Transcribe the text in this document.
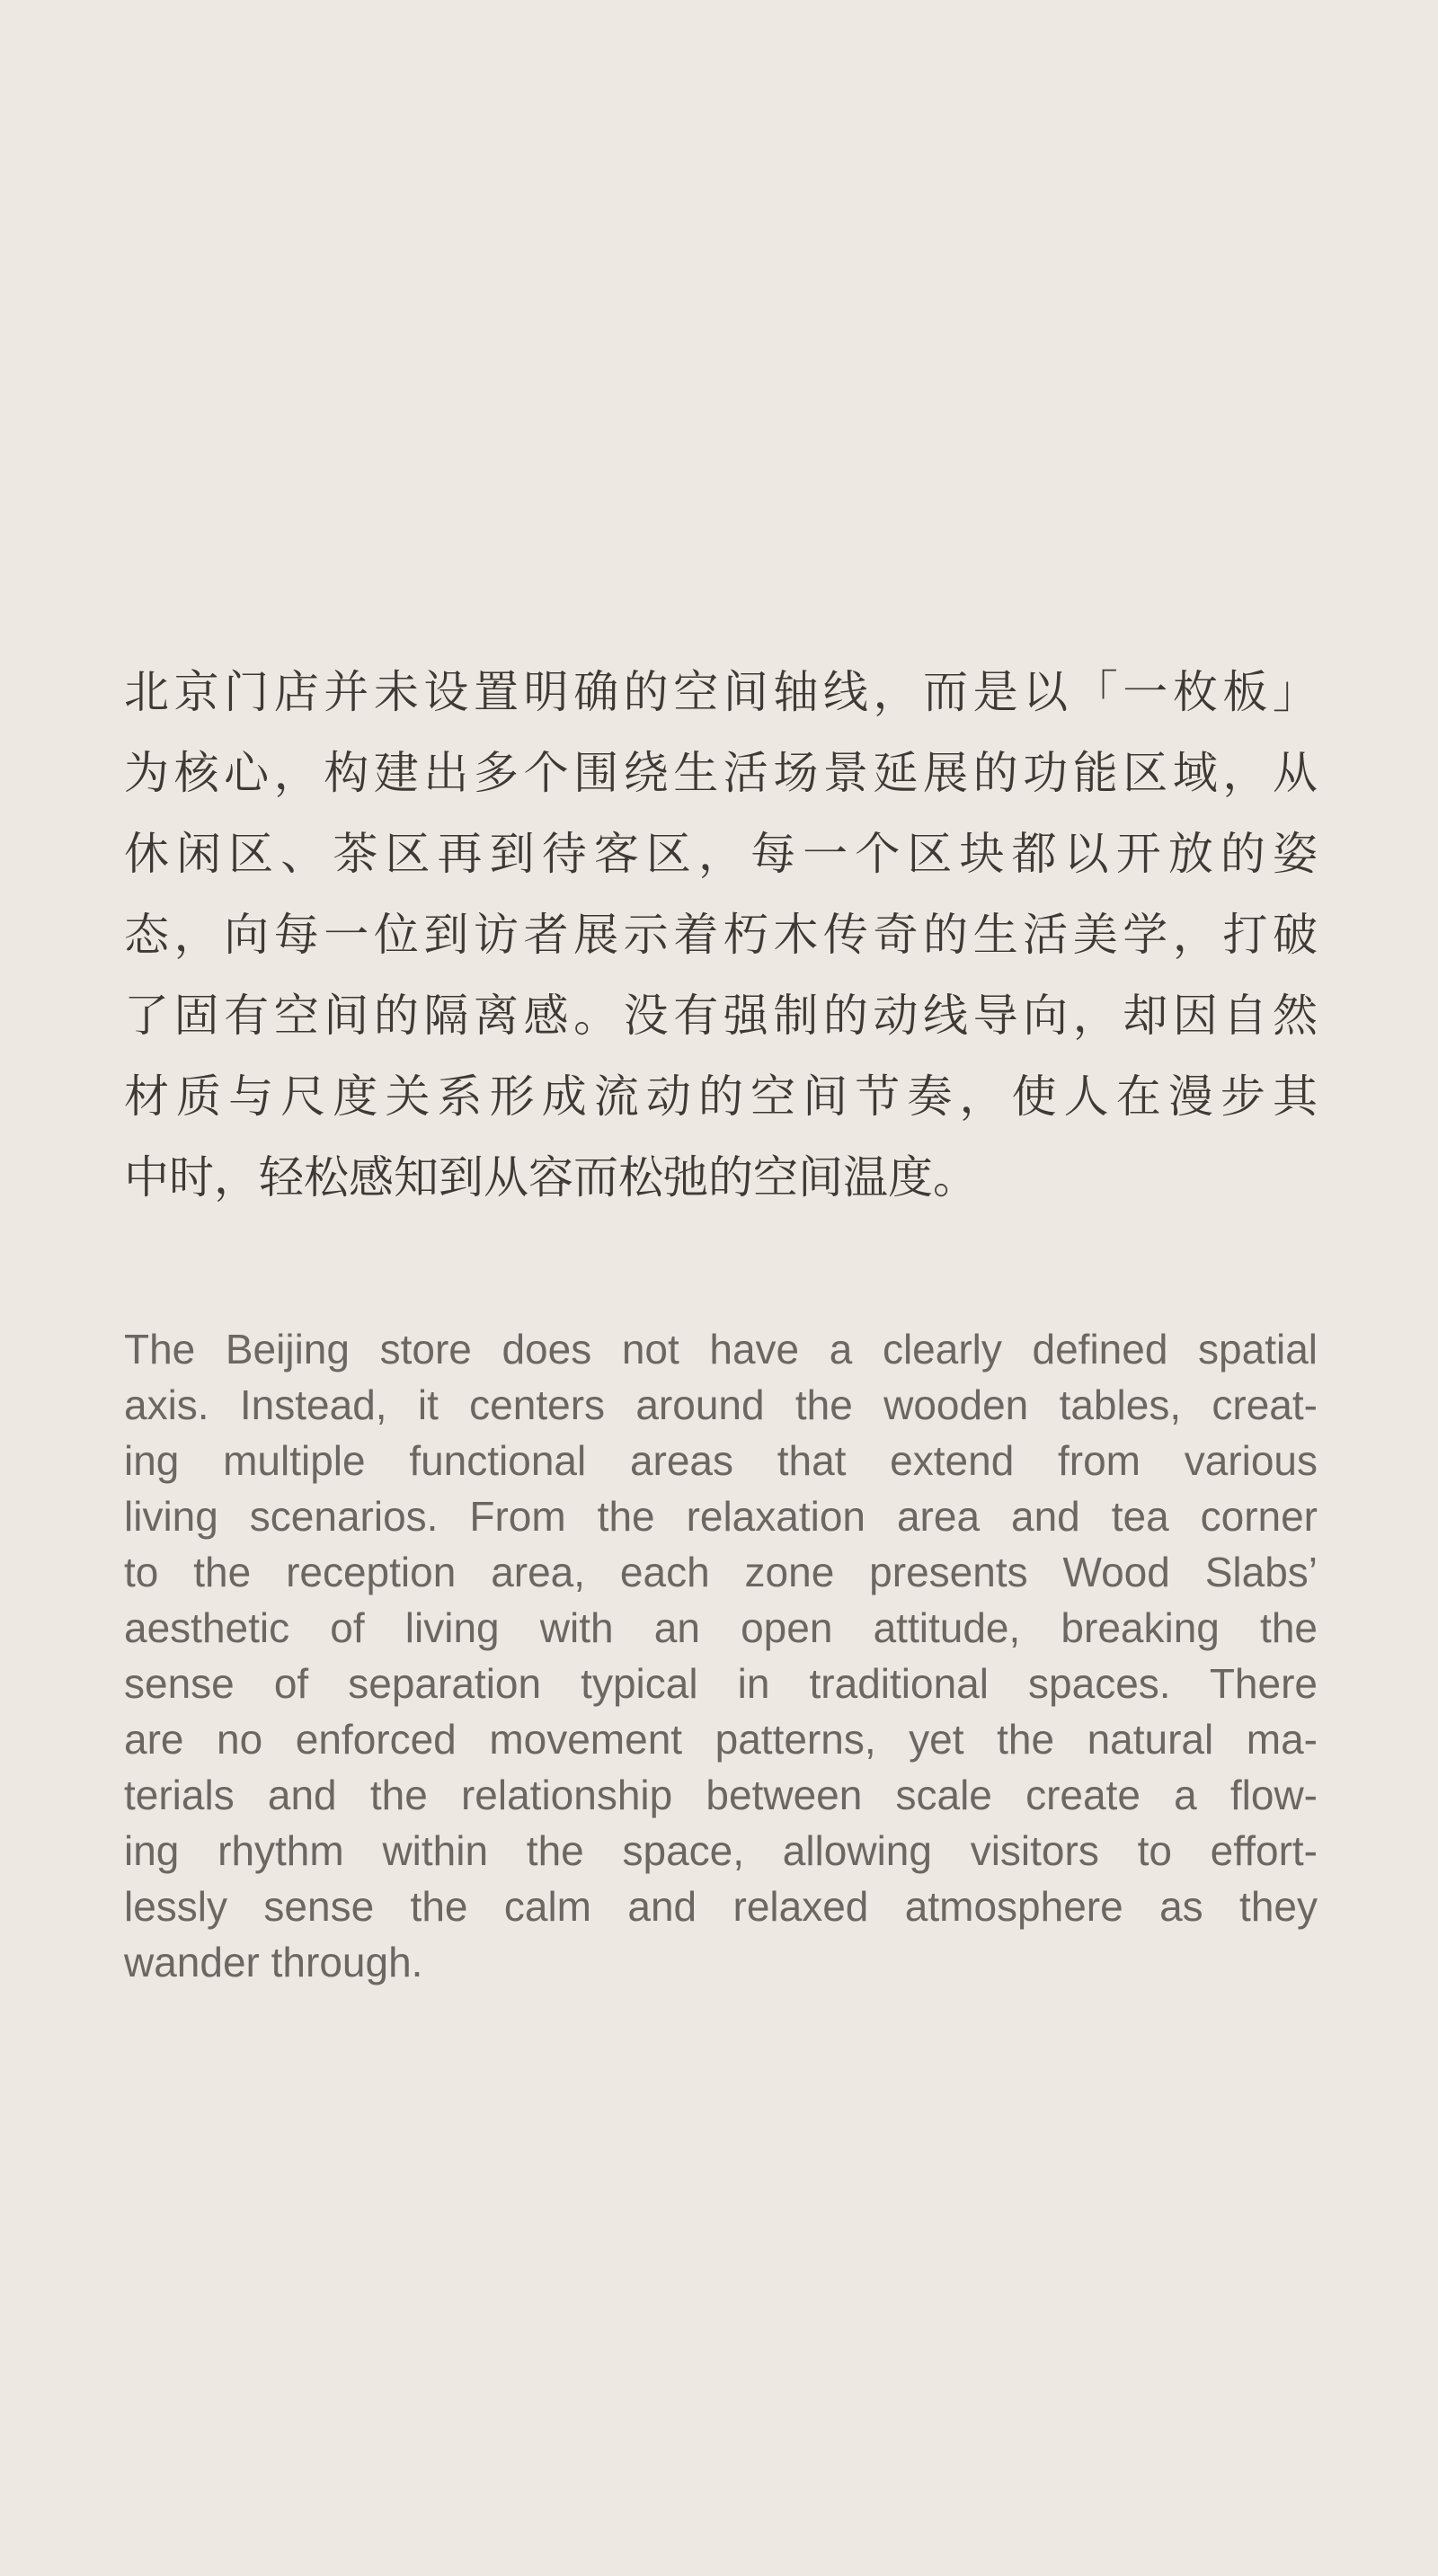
北京门店并未设置明确的空间轴线，而是以「一枚板」
为核心，构建出多个围绕生活场景延展的功能区域，从
休闲区、茶区再到待客区，每一个区块都以开放的姿
态，向每一位到访者展示着朽木传奇的生活美学，打破
了固有空间的隔离感。没有强制的动线导向，却因自然
材质与尺度关系形成流动的空间节奏，使人在漫步其
中时，轻松感知到从容而松弛的空间温度。
The Beijing store does not have a clearly defined spatial
axis. Instead, it centers around the wooden tables, creat-
ing multiple functional areas that extend from various
living scenarios. From the relaxation area and tea corner
to the reception area, each zone presents Wood Slabs’
aesthetic of living with an open attitude, breaking the
sense of separation typical in traditional spaces. There
are no enforced movement patterns, yet the natural ma-
terials and the relationship between scale create a flow-
ing rhythm within the space, allowing visitors to effort-
lessly sense the calm and relaxed atmosphere as they
wander through.
